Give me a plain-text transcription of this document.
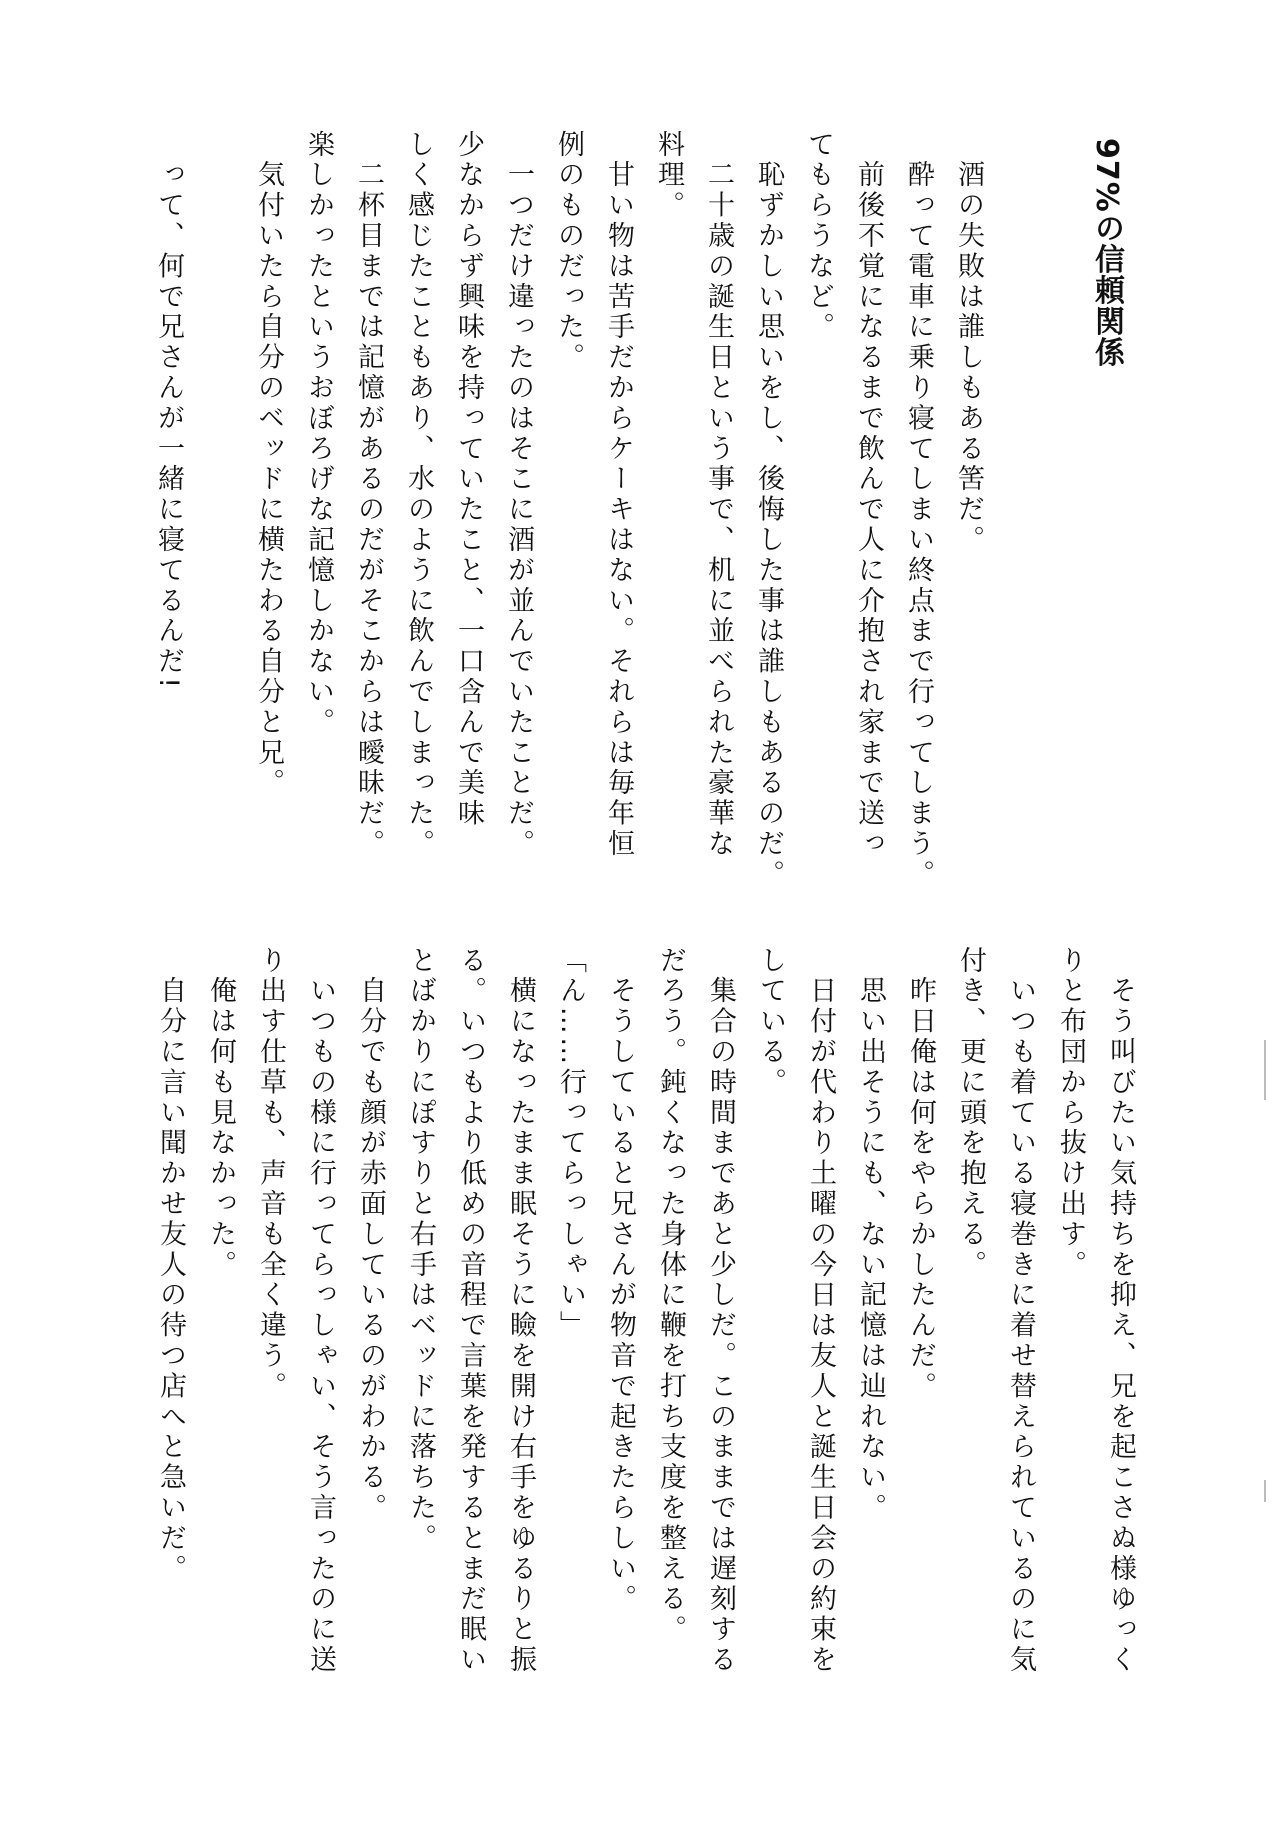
97%の信頼関係
　酒の失敗は誰しもある筈だ。
　酔って電車に乗り寝てしまい終点まで行ってしまう。
　前後不覚になるまで飲んで人に介抱され家まで送っ
てもらうなど。
　恥ずかしい思いをし、後悔した事は誰しもあるのだ。
　二十歳の誕生日という事で、机に並べられた豪華な
料理。
　甘い物は苦手だからケーキはない。それらは毎年恒
例のものだった。
　一つだけ違ったのはそこに酒が並んでいたことだ。
少なからず興味を持っていたこと、一口含んで美味
しく感じたこともあり、水のように飲んでしまった。
　二杯目までは記憶があるのだがそこからは曖昧だ。
楽しかったというおぼろげな記憶しかない。
　気付いたら自分のベッドに横たわる自分と兄。
　って、何で兄さんが一緒に寝てるんだ!
　そう叫びたい気持ちを抑え、兄を起こさぬ様ゆっく
りと布団から抜け出す。
　いつも着ている寝巻きに着せ替えられているのに気
付き、更に頭を抱える。
　昨日俺は何をやらかしたんだ。
　思い出そうにも、ない記憶は辿れない。
　日付が代わり土曜の今日は友人と誕生日会の約束を
している。
　集合の時間まであと少しだ。このままでは遅刻する
だろう。鈍くなった身体に鞭を打ち支度を整える。
　そうしていると兄さんが物音で起きたらしい。
「ん……行ってらっしゃい」
　横になったまま眠そうに瞼を開け右手をゆるりと振
る。いつもより低めの音程で言葉を発するとまだ眠い
とばかりにぽすりと右手はベッドに落ちた。
　自分でも顔が赤面しているのがわかる。
　いつもの様に行ってらっしゃい、そう言ったのに送
り出す仕草も、声音も全く違う。
　俺は何も見なかった。
　自分に言い聞かせ友人の待つ店へと急いだ。
